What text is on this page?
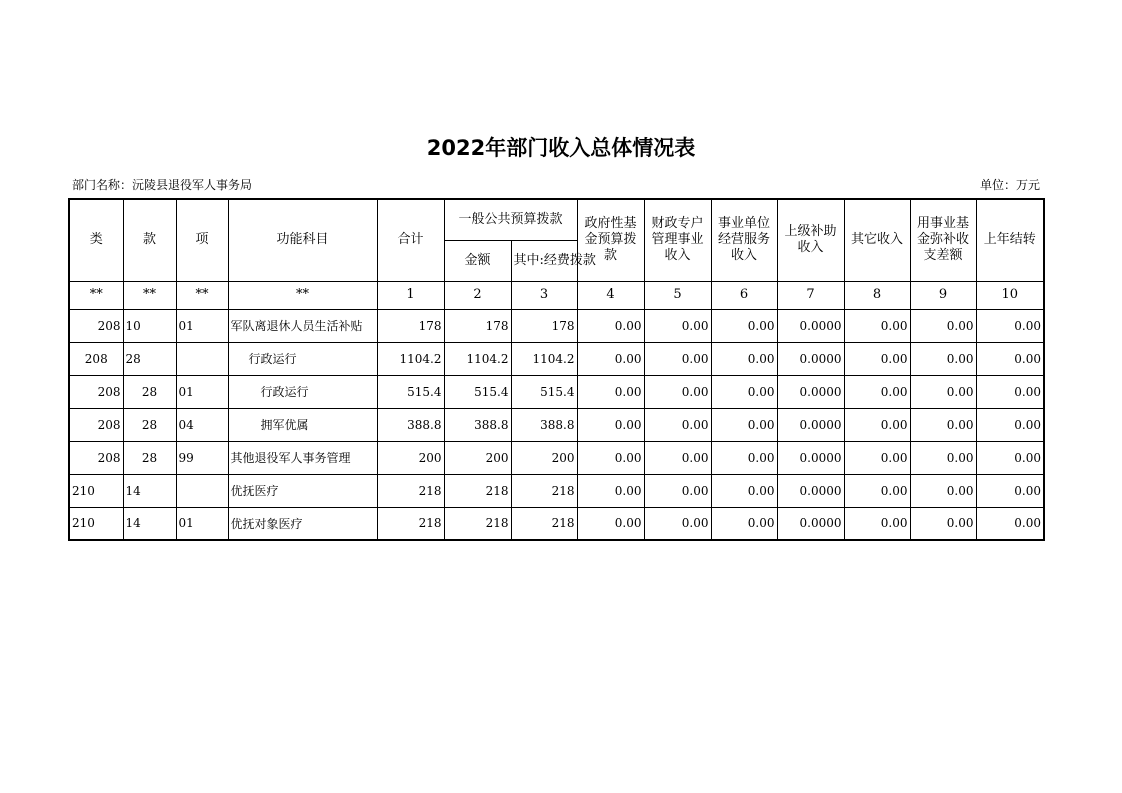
2022年部门收入总体情况表
部门名称：沅陵县退役军人事务局	单位：万元
类	款	项	功能科目	合计	一般公共预算拨款		政府性基金预算拨款	财政专户管理事业收入	事业单位经营服务收入	上级补助收入	其它收入	用事业基金弥补收支差额	上年结转
					金额	其中:经费拨款							
**	**	**	**	1	2	3	4	5	6	7	8	9	10
208	10	01	军队离退休人员生活补贴	178	178	178	0.00	0.00	0.00	0.0000	0.00	0.00	0.00
208	28		行政运行	1104.2	1104.2	1104.2	0.00	0.00	0.00	0.0000	0.00	0.00	0.00
208	28	01	行政运行	515.4	515.4	515.4	0.00	0.00	0.00	0.0000	0.00	0.00	0.00
208	28	04	拥军优属	388.8	388.8	388.8	0.00	0.00	0.00	0.0000	0.00	0.00	0.00
208	28	99	其他退役军人事务管理	200	200	200	0.00	0.00	0.00	0.0000	0.00	0.00	0.00
210	14		优抚医疗	218	218	218	0.00	0.00	0.00	0.0000	0.00	0.00	0.00
210	14	01	优抚对象医疗	218	218	218	0.00	0.00	0.00	0.0000	0.00	0.00	0.00
